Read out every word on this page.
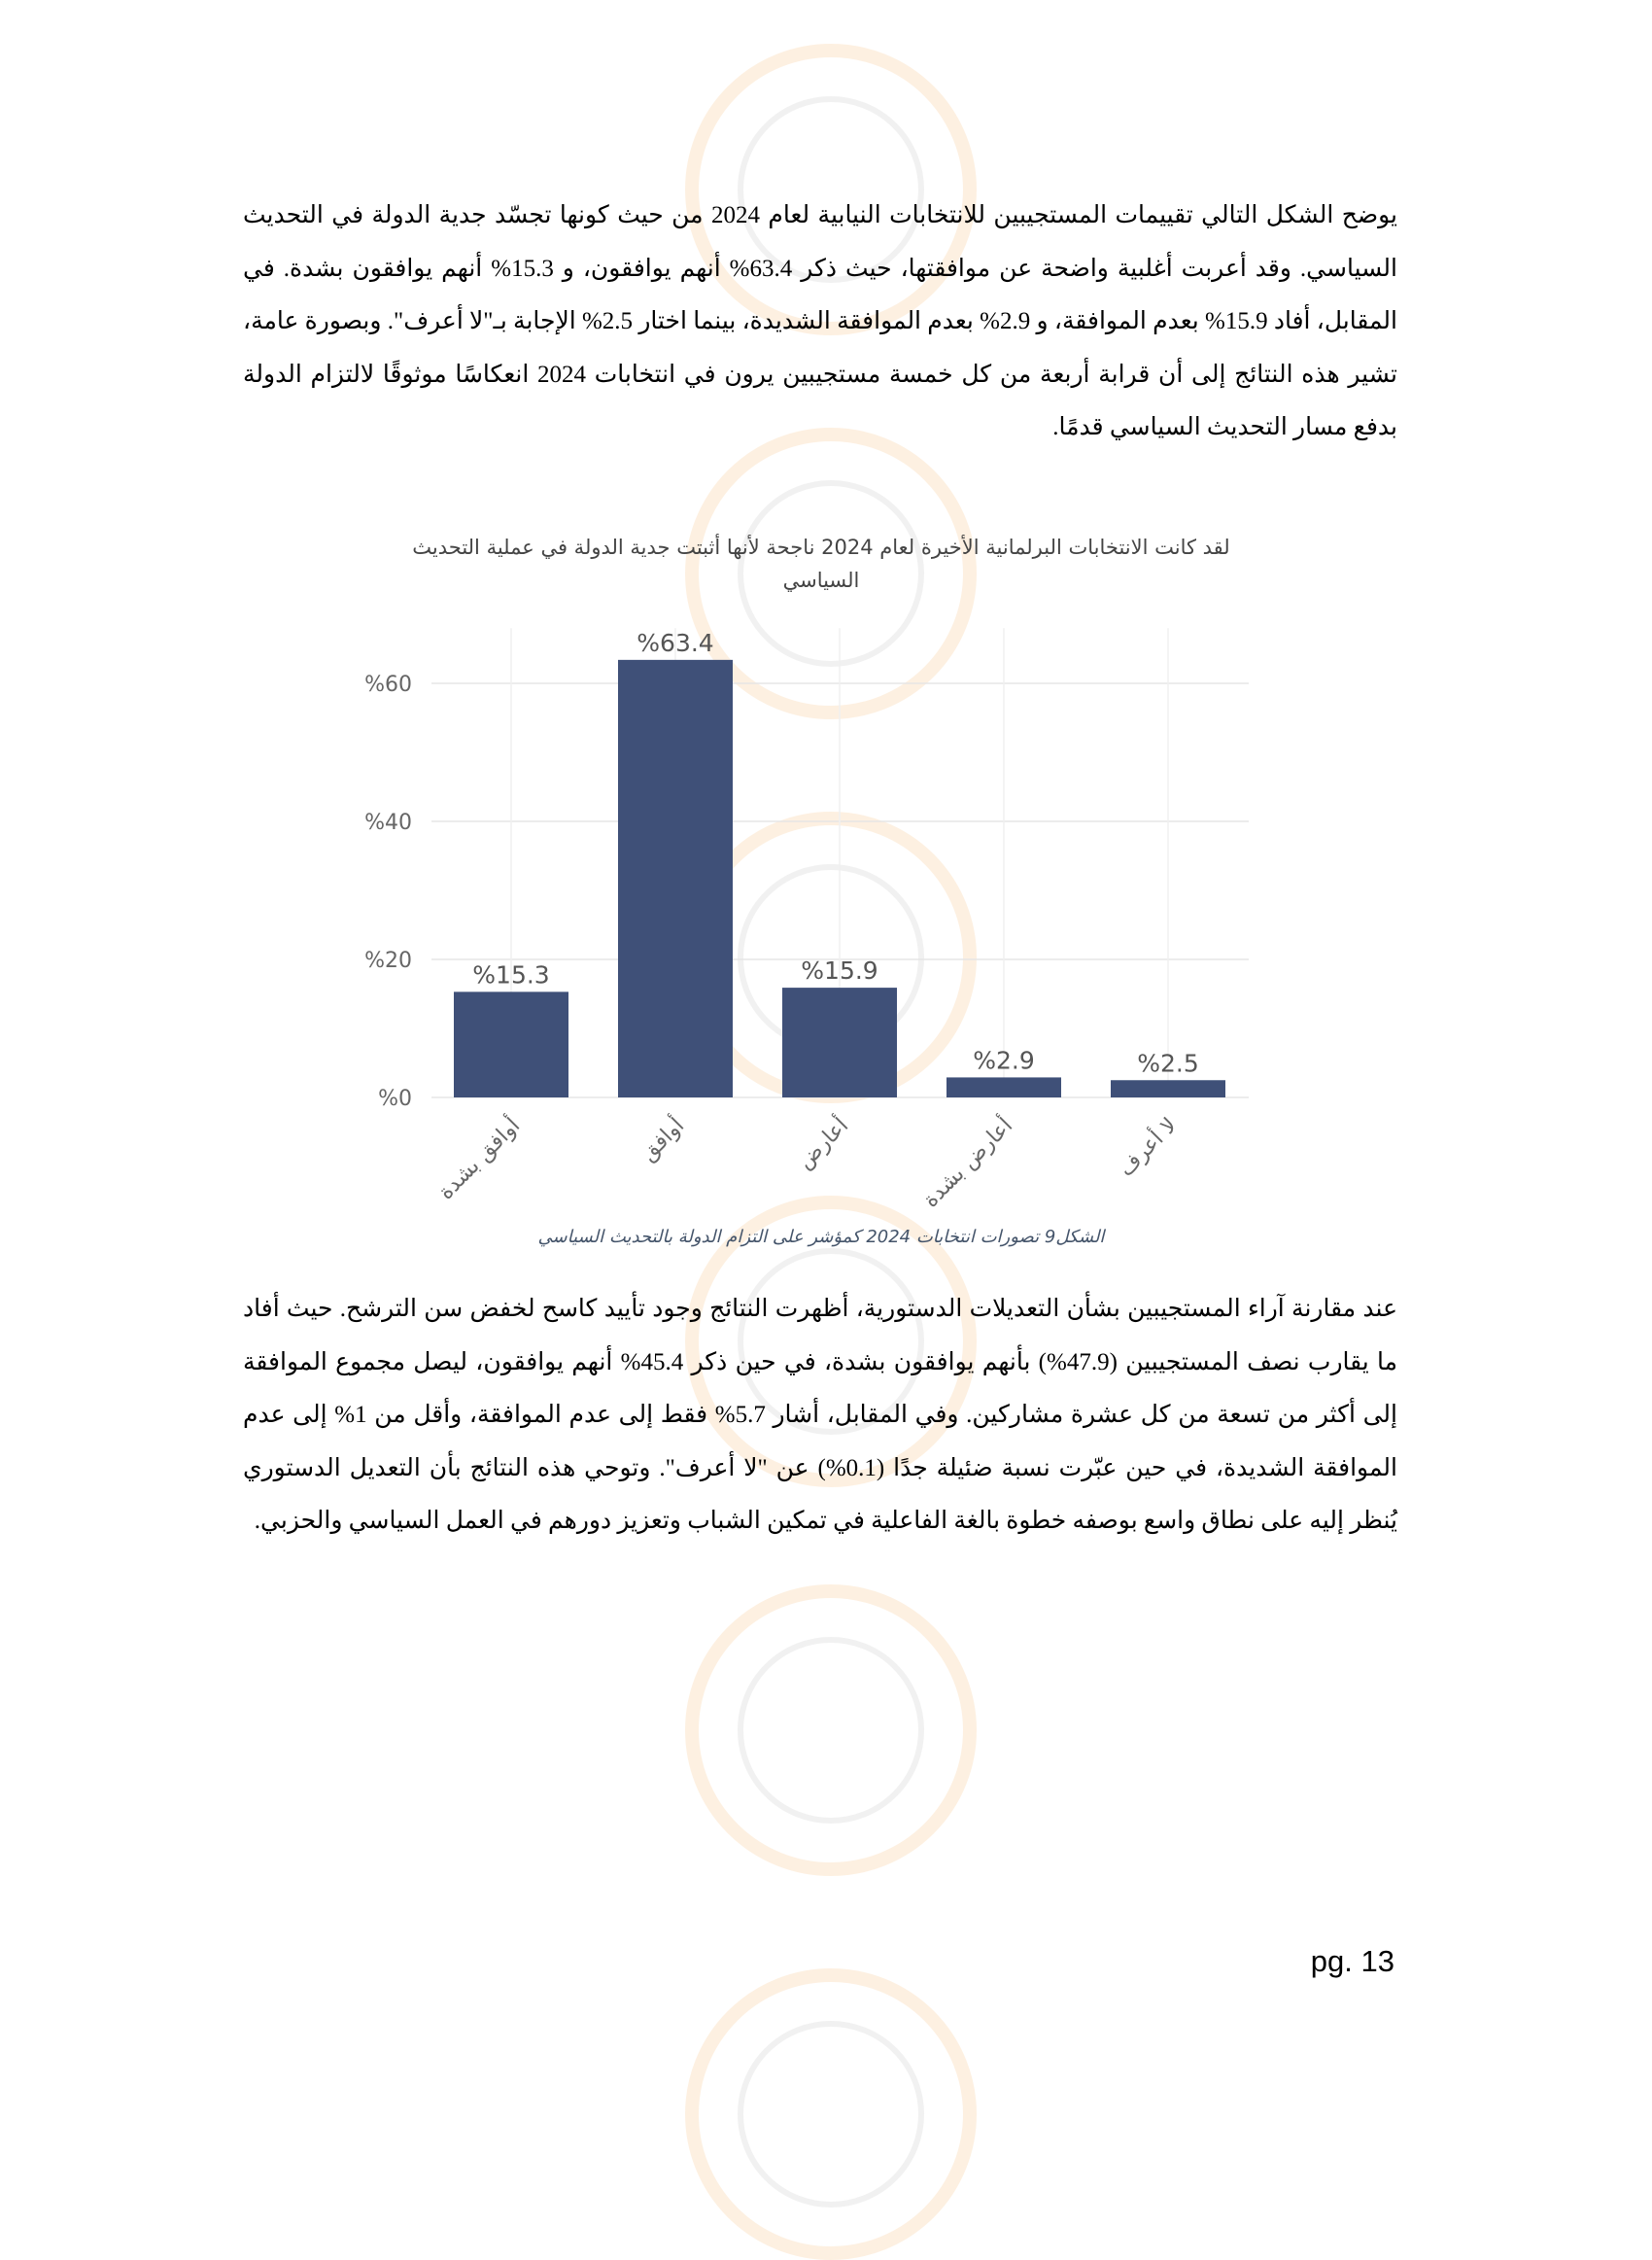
يوضح الشكل التالي تقييمات المستجيبين للانتخابات النيابية لعام 2024 من حيث كونها تجسّد جدية الدولة في التحديث السياسي. وقد أعربت أغلبية واضحة عن موافقتها، حيث ذكر 63.4% أنهم يوافقون، و 15.3% أنهم يوافقون بشدة. في المقابل، أفاد 15.9% بعدم الموافقة، و 2.9% بعدم الموافقة الشديدة، بينما اختار 2.5% الإجابة بـ"لا أعرف". وبصورة عامة، تشير هذه النتائج إلى أن قرابة أربعة من كل خمسة مستجيبين يرون في انتخابات 2024 انعكاسًا موثوقًا لالتزام الدولة بدفع مسار التحديث السياسي قدمًا.
لقد كانت الانتخابات البرلمانية الأخيرة لعام 2024 ناجحة لأنها أثبتت جدية الدولة في عملية التحديث السياسي
%0
%20
%40
%60
%15.3
أوافق بشدة
%63.4
أوافق
%15.9
أعارض
%2.9
أعارض بشدة
%2.5
لا أعرف
الشكل9 تصورات انتخابات 2024 كمؤشر على التزام الدولة بالتحديث السياسي
عند مقارنة آراء المستجيبين بشأن التعديلات الدستورية، أظهرت النتائج وجود تأييد كاسح لخفض سن الترشح. حيث أفاد ما يقارب نصف المستجيبين (47.9%) بأنهم يوافقون بشدة، في حين ذكر 45.4% أنهم يوافقون، ليصل مجموع الموافقة إلى أكثر من تسعة من كل عشرة مشاركين. وفي المقابل، أشار 5.7% فقط إلى عدم الموافقة، وأقل من 1% إلى عدم الموافقة الشديدة، في حين عبّرت نسبة ضئيلة جدًا (0.1%) عن "لا أعرف". وتوحي هذه النتائج بأن التعديل الدستوري يُنظر إليه على نطاق واسع بوصفه خطوة بالغة الفاعلية في تمكين الشباب وتعزيز دورهم في العمل السياسي والحزبي.
pg. 13
